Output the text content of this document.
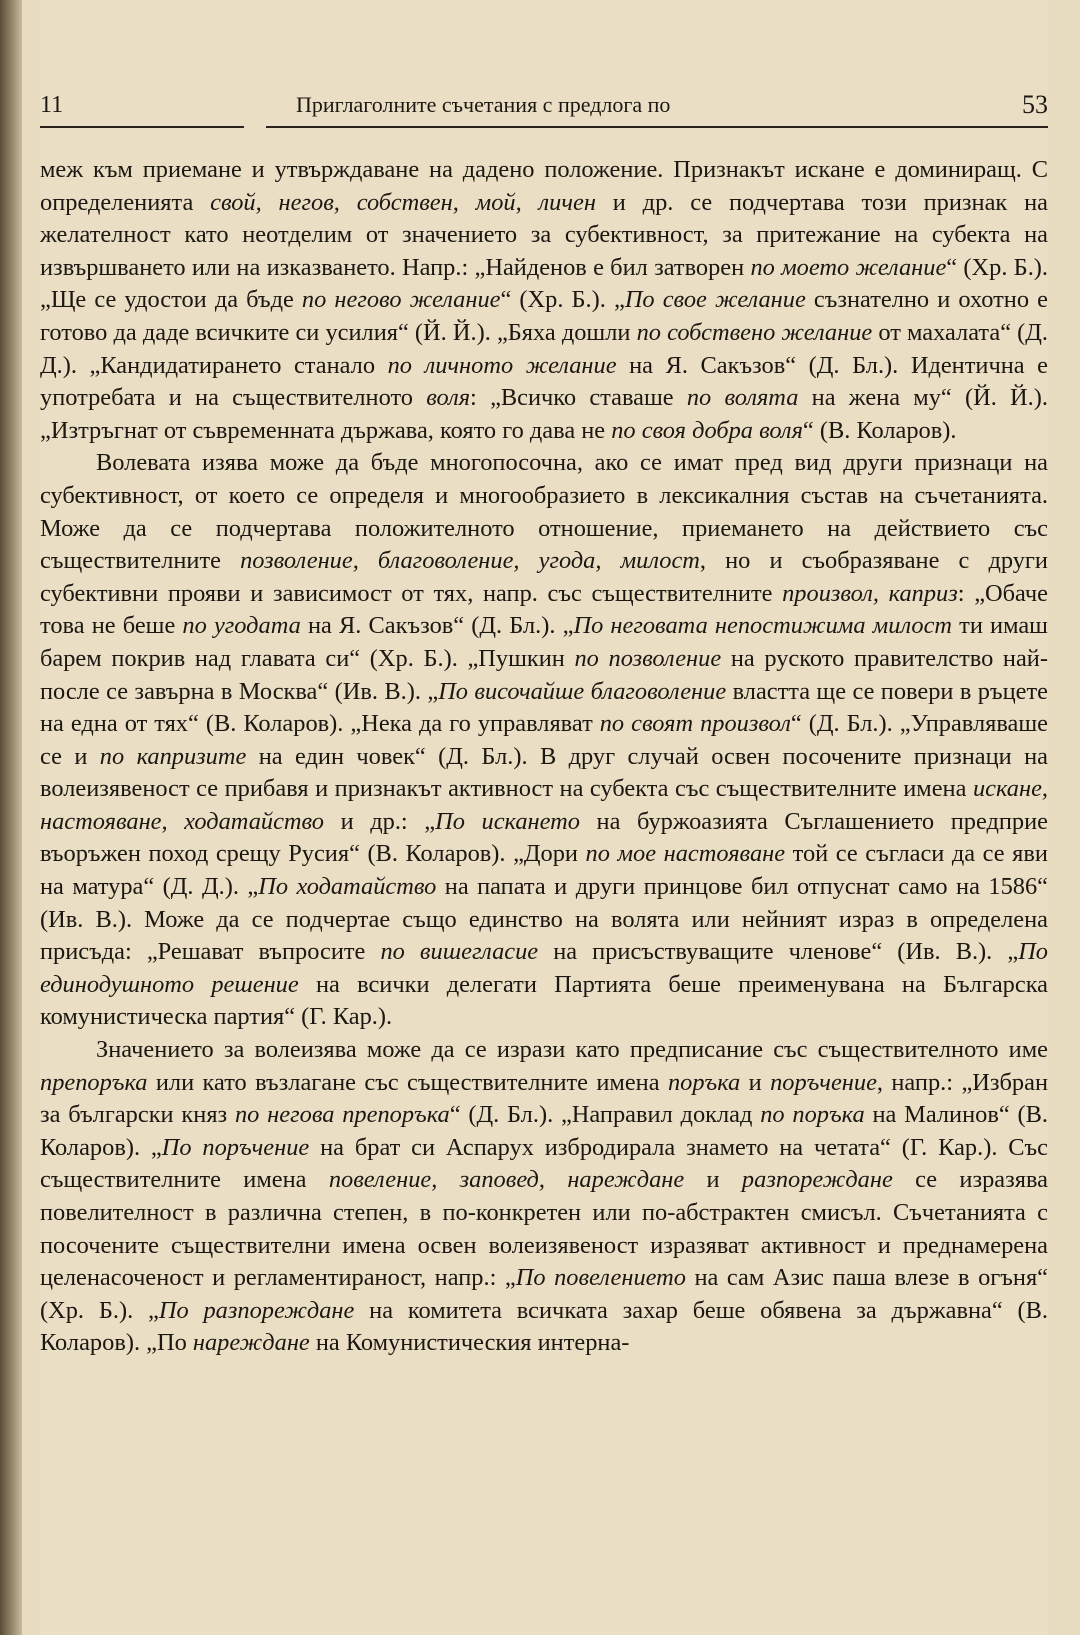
11	Приглаголните съчетания с предлога по	53

меж към приемане и утвърждаване на дадено положение. Признакът искане е доминиращ. С определенията свой, негов, собствен, мой, личен и др. се подчертава този признак на желателност като неотделим от значението за субективност, за притежание на субекта на извършването или на изказването. Напр.: „Найденов е бил затворен по моето желание“ (Хр. Б.). „Ще се удостои да бъде по негово желание“ (Хр. Б.). „По свое желание съзнателно и охотно е готово да даде всичките си усилия“ (Й. Й.). „Бяха дошли по собствено желание от махалата“ (Д. Д.). „Кандидатирането станало по личното желание на Я. Сакъзов“ (Д. Бл.). Идентична е употребата и на съществителното воля: „Всичко ставаше по волята на жена му“ (Й. Й.). „Изтръгнат от съвременната държава, която го дава не по своя добра воля“ (В. Коларов).

Волевата изява може да бъде многопосочна, ако се имат пред вид други признаци на субективност, от което се определя и многообразието в лексикалния състав на съчетанията. Може да се подчертава положителното отношение, приемането на действието със съществителните позволение, благоволение, угода, милост, но и съобразяване с други субективни прояви и зависимост от тях, напр. със съществителните произвол, каприз: „Обаче това не беше по угодата на Я. Сакъзов“ (Д. Бл.). „По неговата непостижима милост ти имаш барем покрив над главата си“ (Хр. Б.). „Пушкин по позволение на руското правителство най-после се завърна в Москва“ (Ив. В.). „По височайше благоволение властта ще се повери в ръцете на една от тях“ (В. Коларов). „Нека да го управляват по своят произвол“ (Д. Бл.). „Управляваше се и по капризите на един човек“ (Д. Бл.). В друг случай освен посочените признаци на волеизявеност се прибавя и признакът активност на субекта със съществителните имена искане, настояване, ходатайство и др.: „По искането на буржоазията Съглашението предприе въоръжен поход срещу Русия“ (В. Коларов). „Дори по мое настояване той се съгласи да се яви на матура“ (Д. Д.). „По ходатайство на папата и други принцове бил отпуснат само на 1586“ (Ив. В.). Може да се подчертае също единство на волята или нейният израз в определена присъда: „Решават въпросите по вишегласие на присъствуващите членове“ (Ив. В.). „По единодушното решение на всички делегати Партията беше преименувана на Българска комунистическа партия“ (Г. Кар.).

Значението за волеизява може да се изрази като предписание със съществителното име препоръка или като възлагане със съществителните имена поръка и поръчение, напр.: „Избран за български княз по негова препоръка“ (Д. Бл.). „Направил доклад по поръка на Малинов“ (В. Коларов). „По поръчение на брат си Аспарух избродирала знамето на четата“ (Г. Кар.). Със съществителните имена повеление, заповед, нареждане и разпореждане се изразява повелителност в различна степен, в по-конкретен или по-абстрактен смисъл. Съчетанията с посочените съществителни имена освен волеизявеност изразяват активност и преднамерена целенасоченост и регламентираност, напр.: „По повелението на сам Азис паша влезе в огъня“ (Хр. Б.). „По разпореждане на комитета всичката захар беше обявена за държавна“ (В. Коларов). „По нареждане на Комунистическия интерна-
